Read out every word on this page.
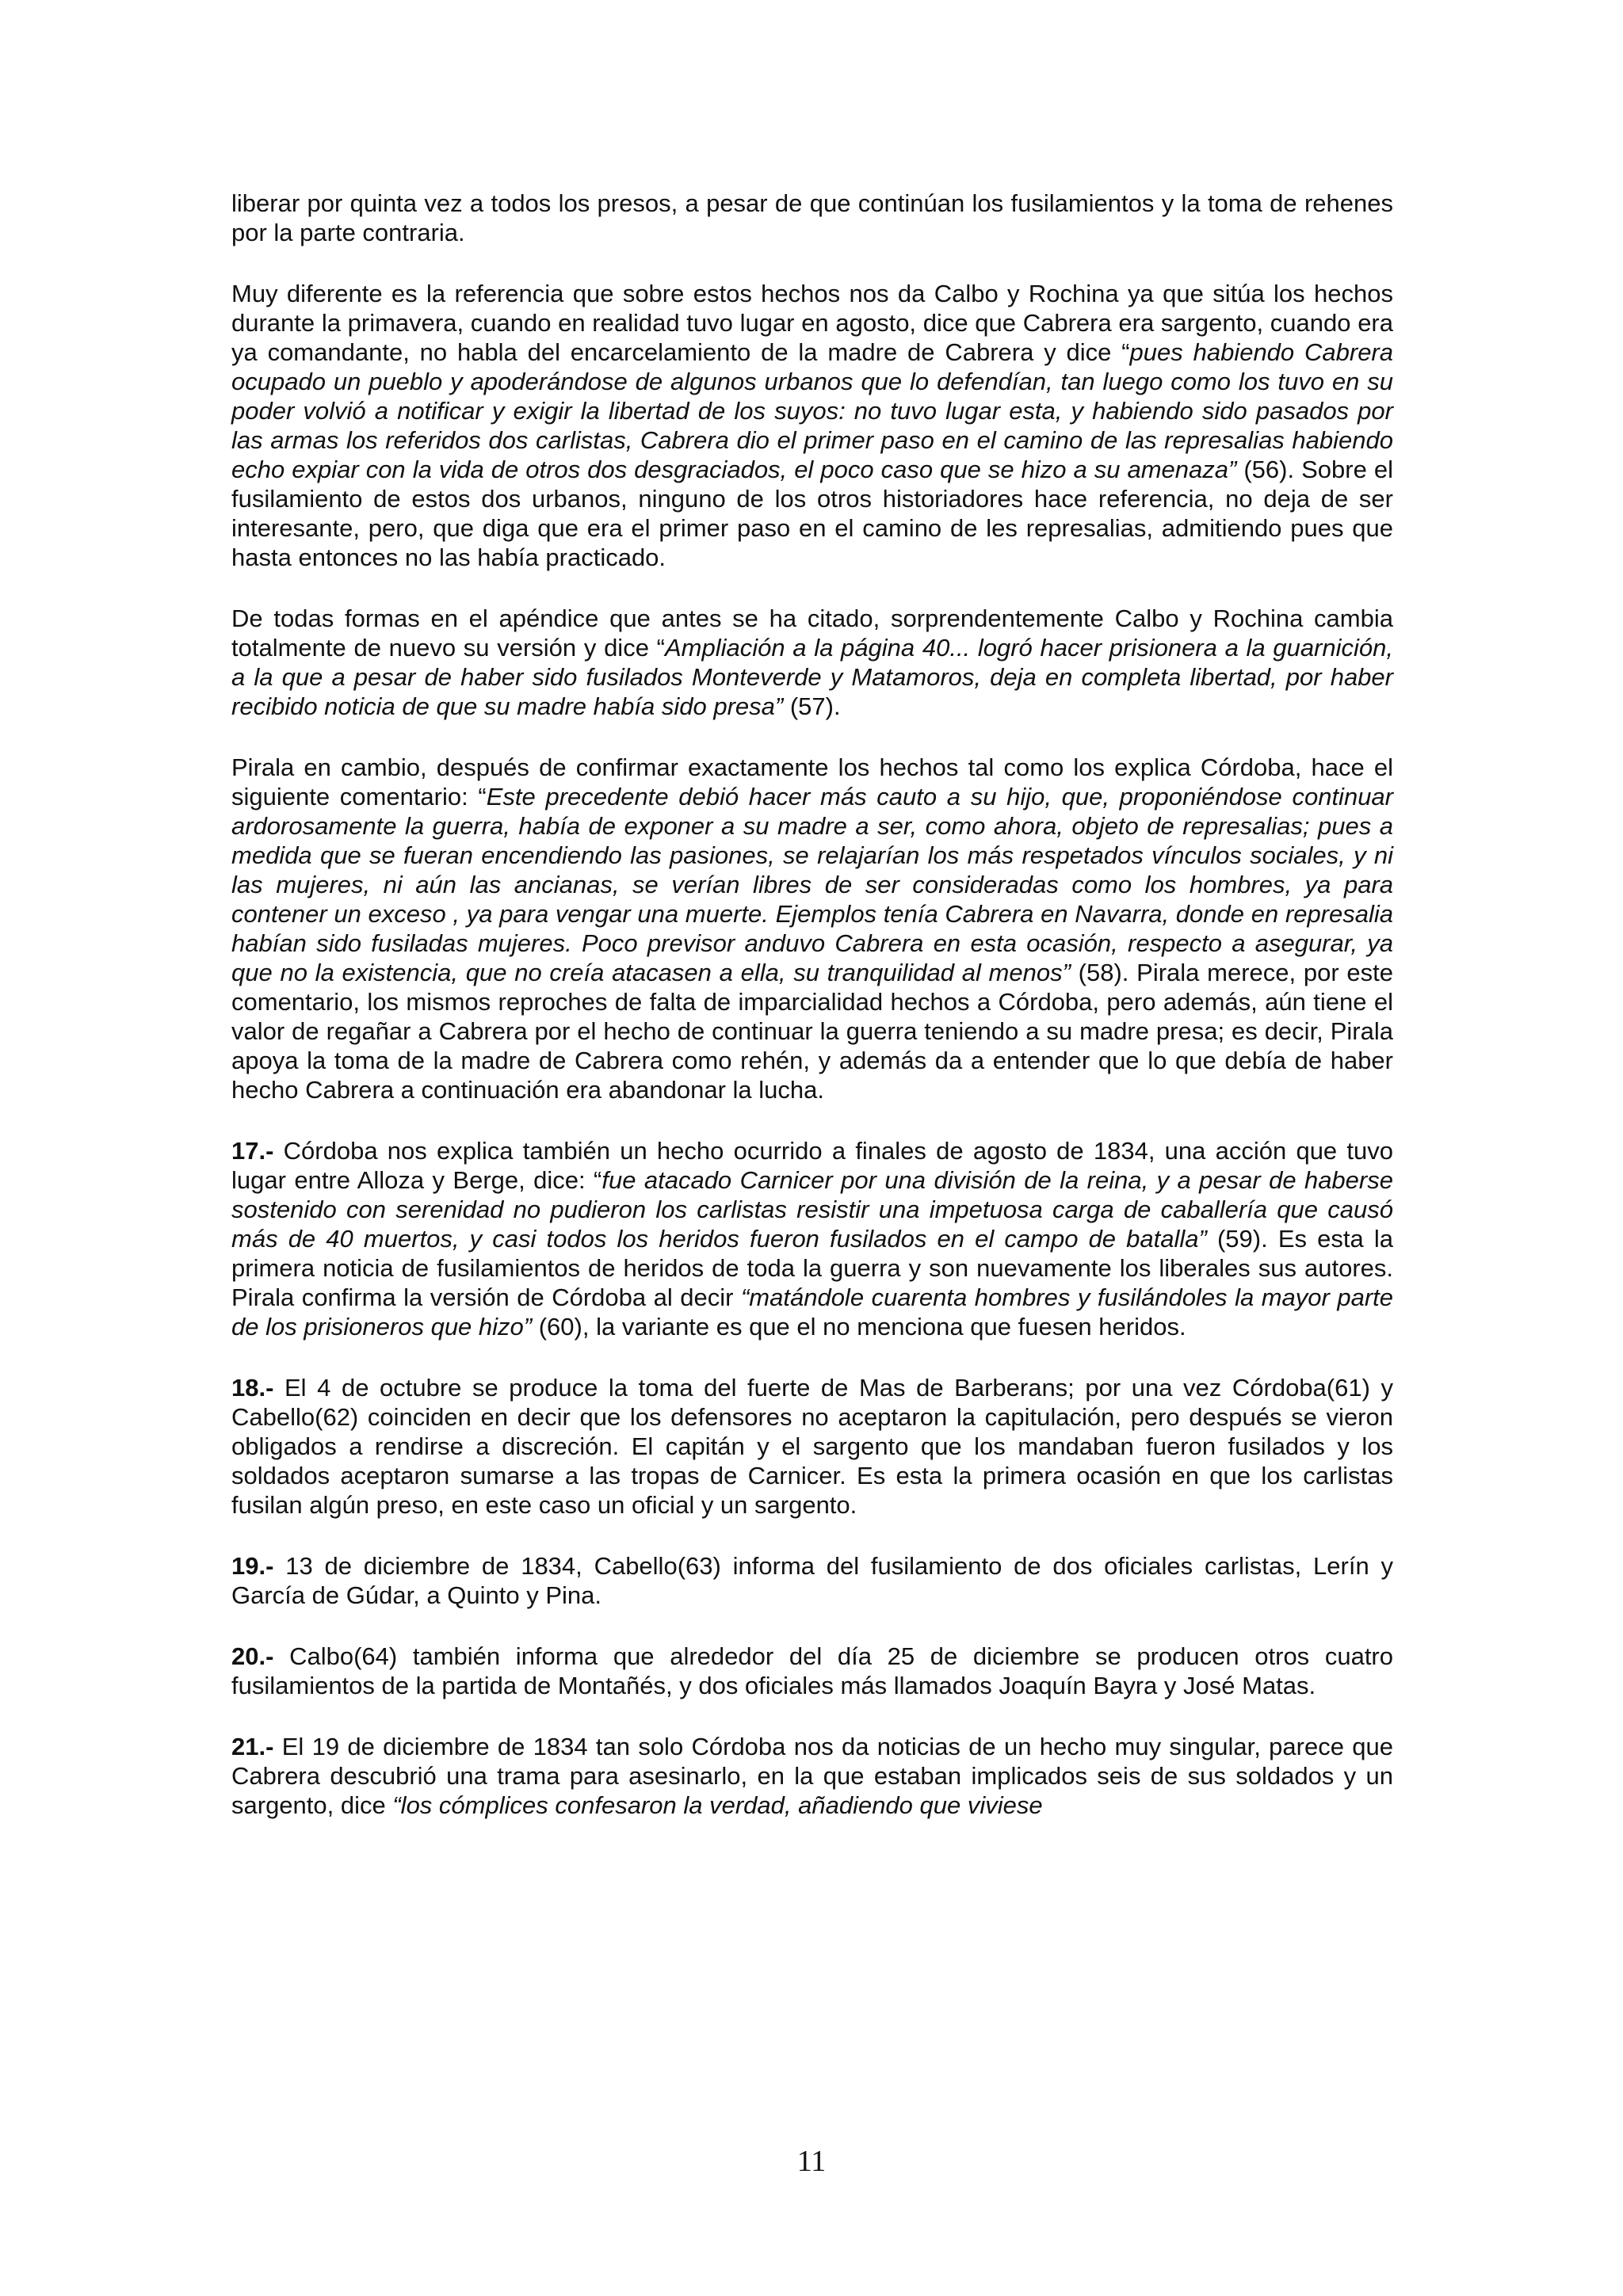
liberar por quinta vez a todos los presos, a pesar de que continúan los fusilamientos y la toma de rehenes por la parte contraria.

Muy diferente es la referencia que sobre estos hechos nos da Calbo y Rochina ya que sitúa los hechos durante la primavera, cuando en realidad tuvo lugar en agosto, dice que Cabrera era sargento, cuando era ya comandante, no habla del encarcelamiento de la madre de Cabrera y dice “pues habiendo Cabrera ocupado un pueblo y apoderándose de algunos urbanos que lo defendían, tan luego como los tuvo en su poder volvió a notificar y exigir la libertad de los suyos: no tuvo lugar esta, y habiendo sido pasados por las armas los referidos dos carlistas, Cabrera dio el primer paso en el camino de las represalias habiendo echo expiar con la vida de otros dos desgraciados, el poco caso que se hizo a su amenaza” (56). Sobre el fusilamiento de estos dos urbanos, ninguno de los otros historiadores hace referencia, no deja de ser interesante, pero, que diga que era el primer paso en el camino de les represalias, admitiendo pues que hasta entonces no las había practicado.

De todas formas en el apéndice que antes se ha citado, sorprendentemente Calbo y Rochina cambia totalmente de nuevo su versión y dice “Ampliación a la página 40... logró hacer prisionera a la guarnición, a la que a pesar de haber sido fusilados Monteverde y Matamoros, deja en completa libertad, por haber recibido noticia de que su madre había sido presa” (57).

Pirala en cambio, después de confirmar exactamente los hechos tal como los explica Córdoba, hace el siguiente comentario: “Este precedente debió hacer más cauto a su hijo, que, proponiéndose continuar ardorosamente la guerra, había de exponer a su madre a ser, como ahora, objeto de represalias; pues a medida que se fueran encendiendo las pasiones, se relajarían los más respetados vínculos sociales, y ni las mujeres, ni aún las ancianas, se verían libres de ser consideradas como los hombres, ya para contener un exceso , ya para vengar una muerte. Ejemplos tenía Cabrera en Navarra, donde en represalia habían sido fusiladas mujeres. Poco previsor anduvo Cabrera en esta ocasión, respecto a asegurar, ya que no la existencia, que no creía atacasen a ella, su tranquilidad al menos” (58). Pirala merece, por este comentario, los mismos reproches de falta de imparcialidad hechos a Córdoba, pero además, aún tiene el valor de regañar a Cabrera por el hecho de continuar la guerra teniendo a su madre presa; es decir, Pirala apoya la toma de la madre de Cabrera como rehén, y además da a entender que lo que debía de haber hecho Cabrera a continuación era abandonar la lucha.

17.- Córdoba nos explica también un hecho ocurrido a finales de agosto de 1834, una acción que tuvo lugar entre Alloza y Berge, dice: “fue atacado Carnicer por una división de la reina, y a pesar de haberse sostenido con serenidad no pudieron los carlistas resistir una impetuosa carga de caballería que causó más de 40 muertos, y casi todos los heridos fueron fusilados en el campo de batalla” (59). Es esta la primera noticia de fusilamientos de heridos de toda la guerra y son nuevamente los liberales sus autores. Pirala confirma la versión de Córdoba al decir “matándole cuarenta hombres y fusilándoles la mayor parte de los prisioneros que hizo” (60), la variante es que el no menciona que fuesen heridos.

18.- El 4 de octubre se produce la toma del fuerte de Mas de Barberans; por una vez Córdoba(61) y Cabello(62) coinciden en decir que los defensores no aceptaron la capitulación, pero después se vieron obligados a rendirse a discreción. El capitán y el sargento que los mandaban fueron fusilados y los soldados aceptaron sumarse a las tropas de Carnicer. Es esta la primera ocasión en que los carlistas fusilan algún preso, en este caso un oficial y un sargento.

19.- 13 de diciembre de 1834, Cabello(63) informa del fusilamiento de dos oficiales carlistas, Lerín y García de Gúdar, a Quinto y Pina.

20.- Calbo(64) también informa que alrededor del día 25 de diciembre se producen otros cuatro fusilamientos de la partida de Montañés, y dos oficiales más llamados Joaquín Bayra y José Matas.

21.- El 19 de diciembre de 1834 tan solo Córdoba nos da noticias de un hecho muy singular, parece que Cabrera descubrió una trama para asesinarlo, en la que estaban implicados seis de sus soldados y un sargento, dice “los cómplices confesaron la verdad, añadiendo que viviese

11
